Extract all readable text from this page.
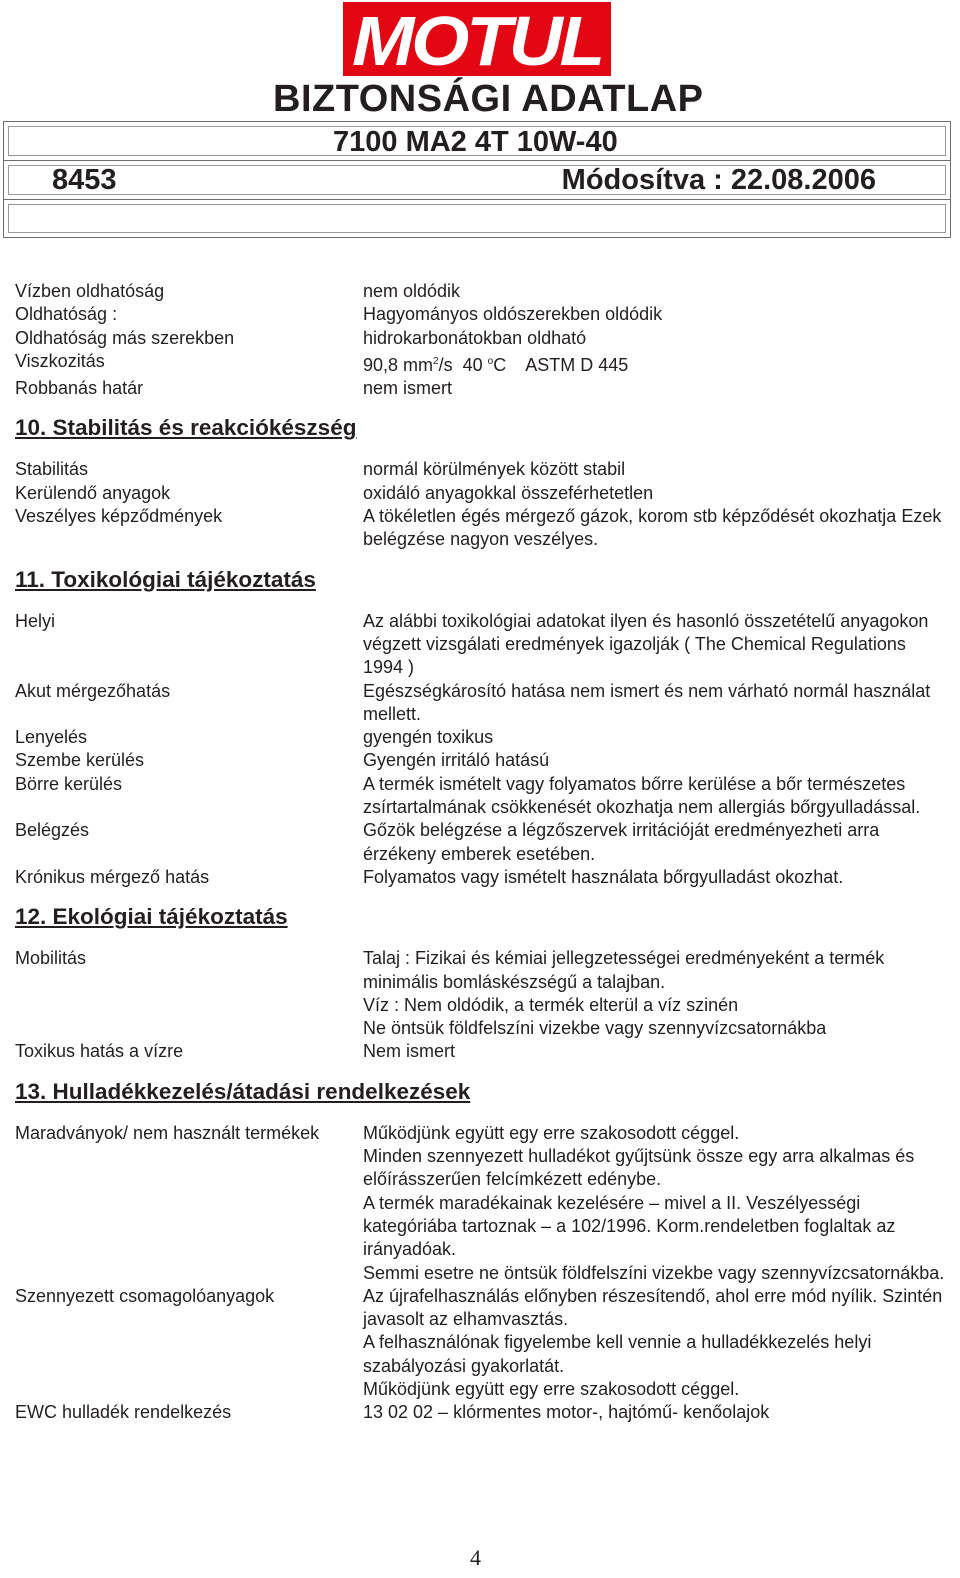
MOTUL
BIZTONSÁGI ADATLAP
7100 MA2 4T 10W-40
8453	Módosítva : 22.08.2006
Vízben oldhatóság	nem oldódik
Oldhatóság :	Hagyományos oldószerekben oldódik
Oldhatóság más szerekben	hidrokarbonátokban oldható
Viszkozitás	90,8 $mm^2/s$  40 $^o$C    ASTM D 445
Robbanás határ	nem ismert
10. Stabilitás és reakciókészség
Stabilitás	normál körülmények között stabil
Kerülendő anyagok	oxidáló anyagokkal összeférhetetlen
Veszélyes képződmények	A tökéletlen égés mérgező gázok, korom stb képződését okozhatja Ezek belégzése nagyon veszélyes.
11. Toxikológiai tájékoztatás
Helyi	Az alábbi toxikológiai adatokat ilyen és hasonló összetételű anyagokon végzett vizsgálati eredmények igazolják ( The Chemical Regulations 1994 )
Akut mérgezőhatás	Egészségkárosító hatása nem ismert és nem várható normál használat mellett.
Lenyelés	gyengén toxikus
Szembe kerülés	Gyengén irritáló hatású
Börre kerülés	A termék ismételt vagy folyamatos bőrre kerülése a bőr természetes zsírtartalmának csökkenését okozhatja nem allergiás bőrgyulladással.
Belégzés	Gőzök belégzése a légzőszervek irritációját eredményezheti arra érzékeny emberek esetében.
Krónikus mérgező hatás	Folyamatos vagy ismételt használata bőrgyulladást okozhat.
12. Ekológiai tájékoztatás
Mobilitás	Talaj : Fizikai és kémiai jellegzetességei eredményeként a termék minimális bomláskészségű a talajban.
Víz : Nem oldódik, a termék elterül a víz szinén
Ne öntsük földfelszíni vizekbe vagy szennyvízcsatornákba
Toxikus hatás a vízre	Nem ismert
13. Hulladékkezelés/átadási rendelkezések
Maradványok/ nem használt termékek	Működjünk együtt egy erre szakosodott céggel.
Minden szennyezett hulladékot gyűjtsünk össze egy arra alkalmas és előírásszerűen felcímkézett edénybe.
A termék maradékainak kezelésére – mivel a II. Veszélyességi kategóriába tartoznak – a 102/1996. Korm.rendeletben foglaltak az irányadóak.
Semmi esetre ne öntsük földfelszíni vizekbe vagy szennyvízcsatornákba.
Szennyezett csomagolóanyagok	Az újrafelhasználás előnyben részesítendő, ahol erre mód nyílik. Szintén javasolt az elhamvasztás.
A felhasználónak figyelembe kell vennie a hulladékkezelés helyi szabályozási gyakorlatát.
Működjünk együtt egy erre szakosodott céggel.
EWC hulladék rendelkezés	13 02 02 – klórmentes motor-, hajtómű- kenőolajok
4
